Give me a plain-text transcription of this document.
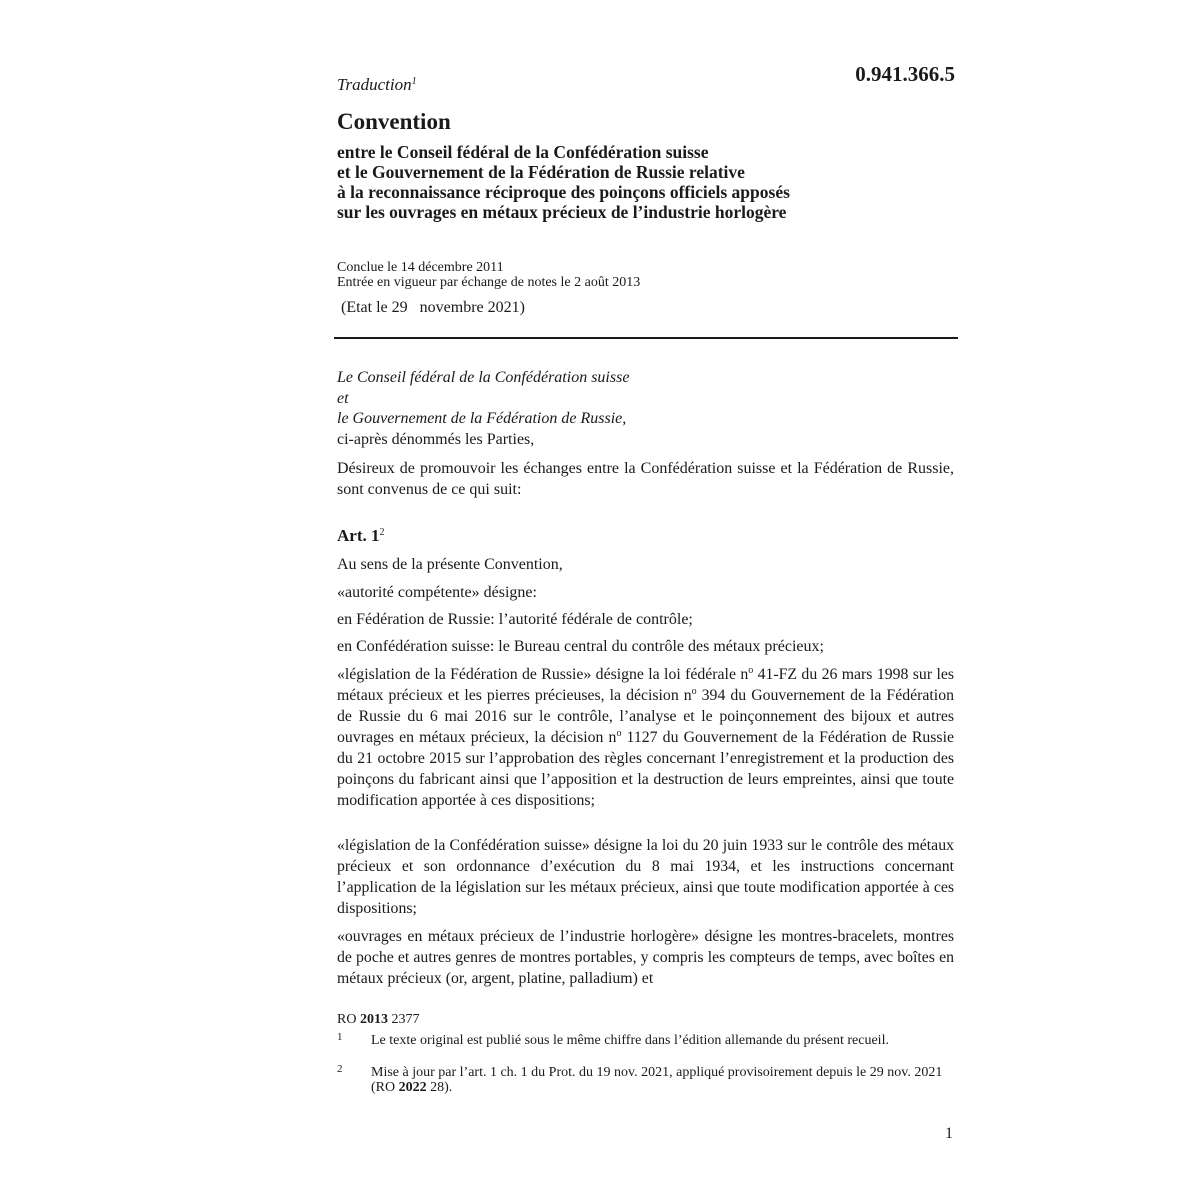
Traduction$^1$	0.941.366.5
Convention
entre le Conseil fédéral de la Confédération suisse
et le Gouvernement de la Fédération de Russie relative
à la reconnaissance réciproque des poinçons officiels apposés
sur les ouvrages en métaux précieux de l’industrie horlogère
Conclue le 14 décembre 2011
Entrée en vigueur par échange de notes le 2 août 2013
(Etat le 29   novembre 2021)
Le Conseil fédéral de la Confédération suisse
et
le Gouvernement de la Fédération de Russie,
ci-après dénommés les Parties,
Désireux de promouvoir les échanges entre la Confédération suisse et la Fédération de Russie, sont convenus de ce qui suit:
Art. $1^2$
Au sens de la présente Convention,
«autorité compétente» désigne:
en Fédération de Russie: l’autorité fédérale de contrôle;
en Confédération suisse: le Bureau central du contrôle des métaux précieux;
«législation de la Fédération de Russie» désigne la loi fédérale $n^o$ 41-FZ du 26 mars 1998 sur les métaux précieux et les pierres précieuses, la décision $n^o$ 394 du Gouvernement de la Fédération de Russie du 6 mai 2016 sur le contrôle, l’analyse et le poinçonnement des bijoux et autres ouvrages en métaux précieux, la décision $n^o$ 1127 du Gouvernement de la Fédération de Russie du 21 octobre 2015 sur l’approbation des règles concernant l’enregistrement et la production des poinçons du fabricant ainsi que l’apposition et la destruction de leurs empreintes, ainsi que toute modification apportée à ces dispositions;
«législation de la Confédération suisse» désigne la loi du 20 juin 1933 sur le contrôle des métaux précieux et son ordonnance d’exécution du 8 mai 1934, et les instructions concernant l’application de la législation sur les métaux précieux, ainsi que toute modification apportée à ces dispositions;
«ouvrages en métaux précieux de l’industrie horlogère» désigne les montres-bracelets, montres de poche et autres genres de montres portables, y compris les compteurs de temps, avec boîtes en métaux précieux (or, argent, platine, palladium) et
RO 2013 2377
1 Le texte original est publié sous le même chiffre dans l’édition allemande du présent recueil.
2 Mise à jour par l’art. 1 ch. 1 du Prot. du 19 nov. 2021, appliqué provisoirement depuis le 29 nov. 2021 (RO 2022 28).
1
